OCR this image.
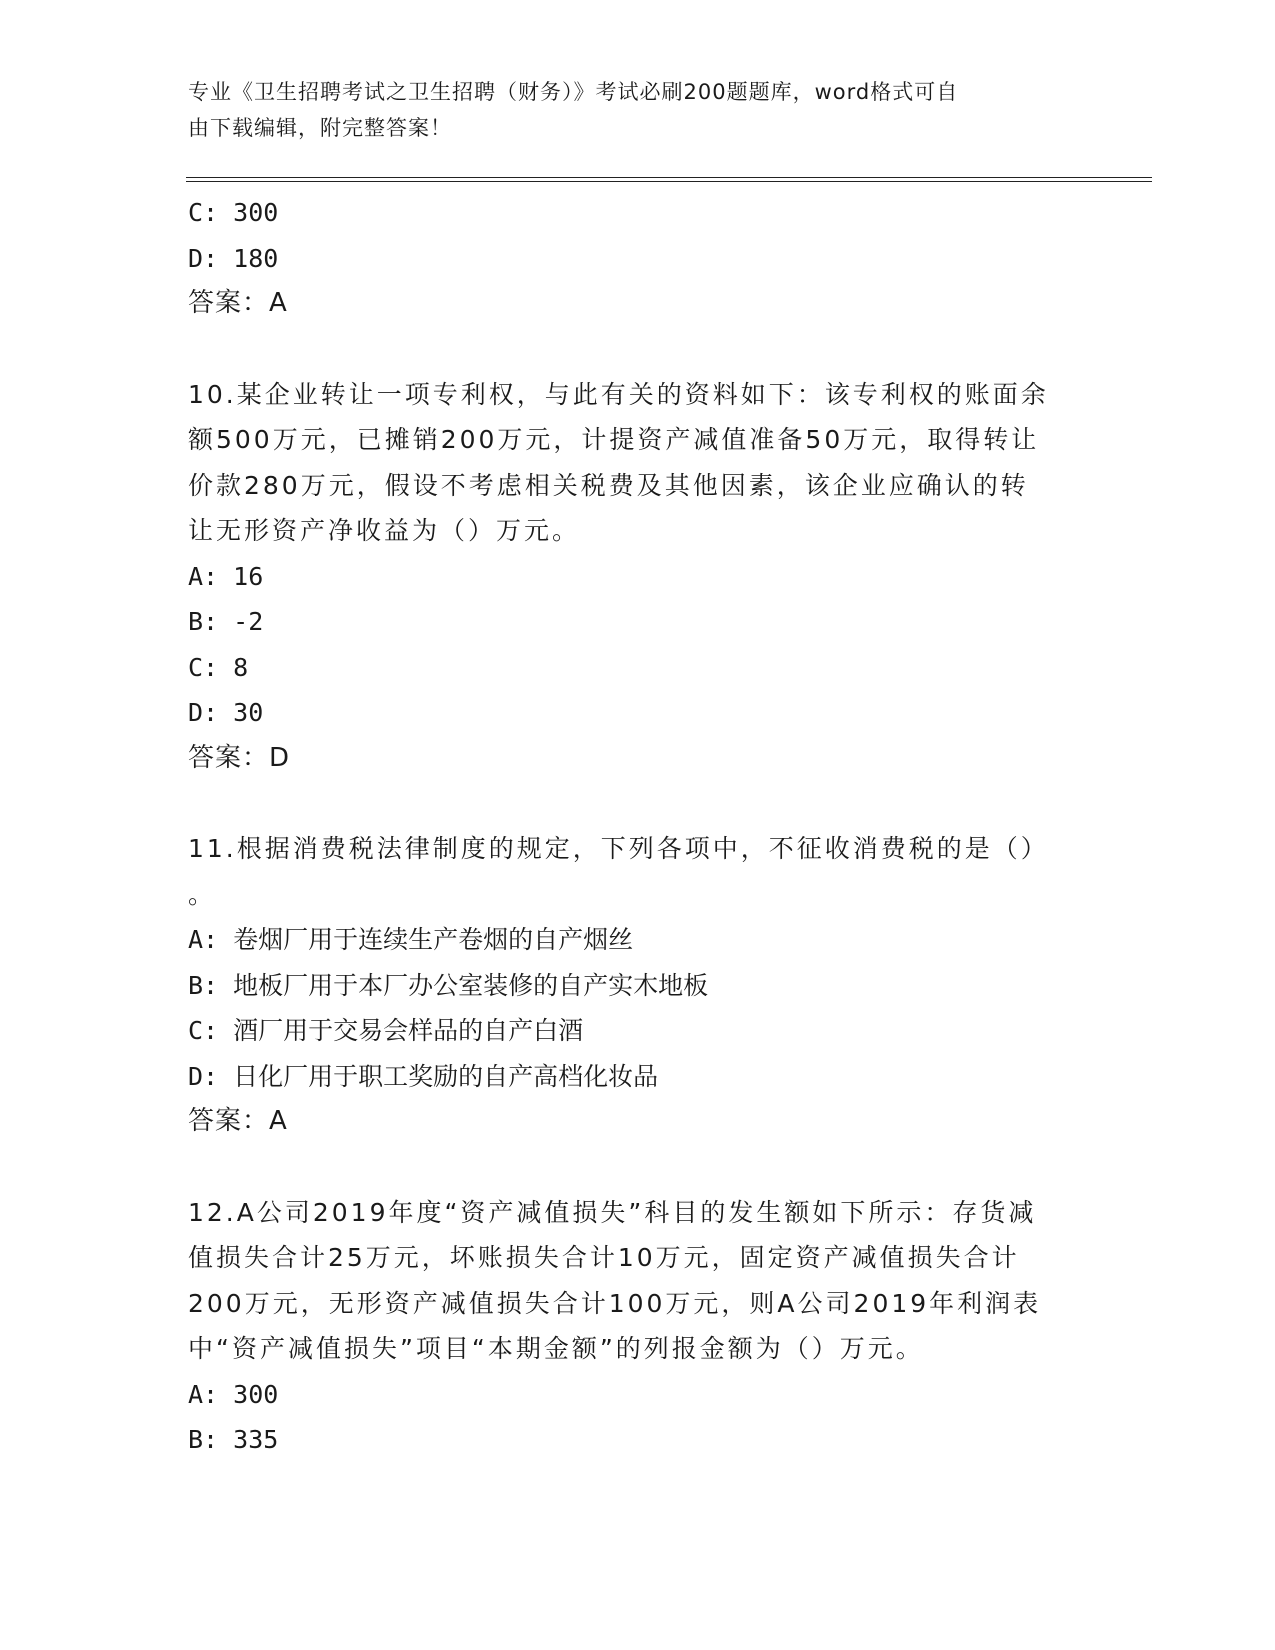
专业《卫生招聘考试之卫生招聘（财务）》考试必刷200题题库，word格式可自
由下载编辑，附完整答案！
C: 300
D: 180
答案：A
10.某企业转让一项专利权，与此有关的资料如下：该专利权的账面余
额500万元，已摊销200万元，计提资产减值准备50万元，取得转让
价款280万元，假设不考虑相关税费及其他因素，该企业应确认的转
让无形资产净收益为（）万元。
A: 16
B: -2
C: 8
D: 30
答案：D
11.根据消费税法律制度的规定，下列各项中，不征收消费税的是（）
。
A: 卷烟厂用于连续生产卷烟的自产烟丝
B: 地板厂用于本厂办公室装修的自产实木地板
C: 酒厂用于交易会样品的自产白酒
D: 日化厂用于职工奖励的自产高档化妆品
答案：A
12.A公司2019年度“资产减值损失”科目的发生额如下所示：存货减
值损失合计25万元，坏账损失合计10万元，固定资产减值损失合计
200万元，无形资产减值损失合计100万元，则A公司2019年利润表
中“资产减值损失”项目“本期金额”的列报金额为（）万元。
A: 300
B: 335
